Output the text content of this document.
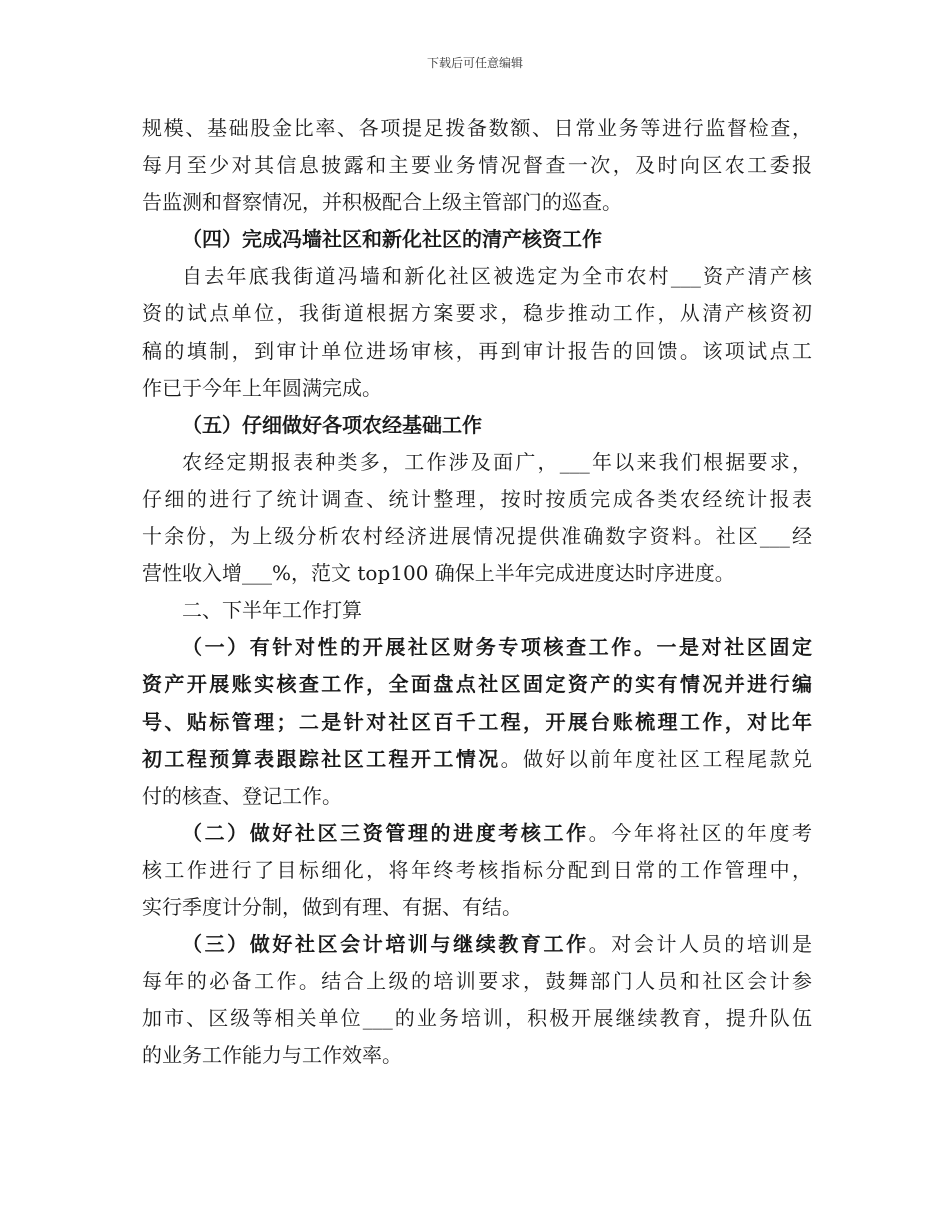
下载后可任意编辑
规模、基础股金比率、各项提足拨备数额、日常业务等进行监督检查，
每月至少对其信息披露和主要业务情况督查一次，及时向区农工委报
告监测和督察情况，并积极配合上级主管部门的巡查。
（四）完成冯墙社区和新化社区的清产核资工作
自去年底我街道冯墙和新化社区被选定为全市农村___资产清产核
资的试点单位，我街道根据方案要求，稳步推动工作，从清产核资初
稿的填制，到审计单位进场审核，再到审计报告的回馈。该项试点工
作已于今年上年圆满完成。
（五）仔细做好各项农经基础工作
农经定期报表种类多，工作涉及面广，___年以来我们根据要求，
仔细的进行了统计调查、统计整理，按时按质完成各类农经统计报表
十余份，为上级分析农村经济进展情况提供准确数字资料。社区___经
营性收入增___%，范文 top100 确保上半年完成进度达时序进度。
二、下半年工作打算
（一）有针对性的开展社区财务专项核查工作。一是对社区固定
资产开展账实核查工作，全面盘点社区固定资产的实有情况并进行编
号、贴标管理；二是针对社区百千工程，开展台账梳理工作，对比年
初工程预算表跟踪社区工程开工情况。做好以前年度社区工程尾款兑
付的核查、登记工作。
（二）做好社区三资管理的进度考核工作。今年将社区的年度考
核工作进行了目标细化，将年终考核指标分配到日常的工作管理中，
实行季度计分制，做到有理、有据、有结。
（三）做好社区会计培训与继续教育工作。对会计人员的培训是
每年的必备工作。结合上级的培训要求，鼓舞部门人员和社区会计参
加市、区级等相关单位___的业务培训，积极开展继续教育，提升队伍
的业务工作能力与工作效率。
